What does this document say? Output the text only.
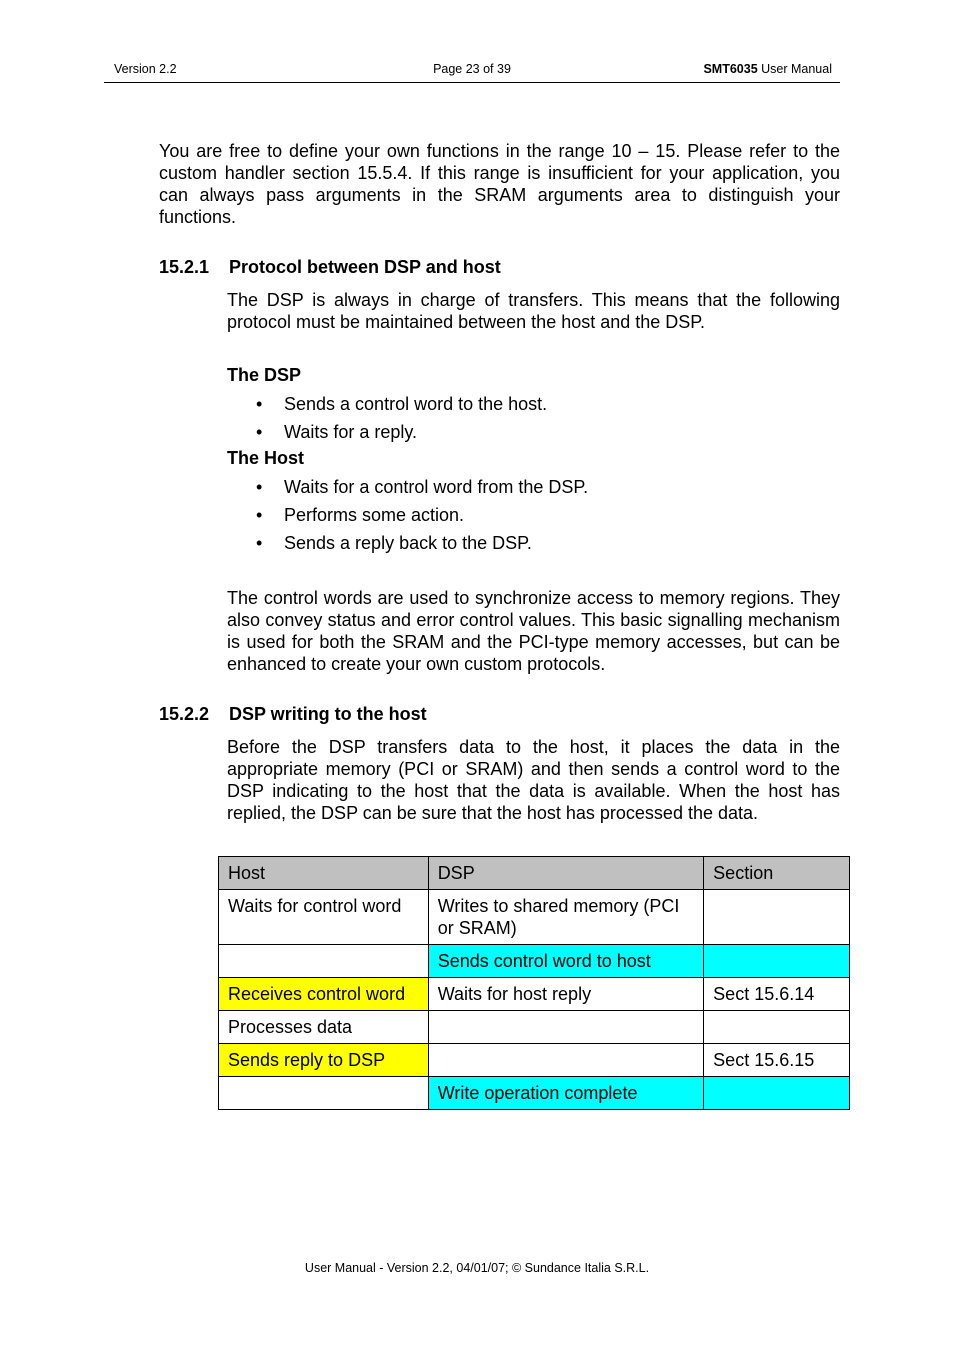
Version 2.2	Page 23 of 39	SMT6035 User Manual

You are free to define your own functions in the range 10 – 15. Please refer to the custom handler section 15.5.4. If this range is insufficient for your application, you can always pass arguments in the SRAM arguments area to distinguish your functions.

15.2.1 Protocol between DSP and host

The DSP is always in charge of transfers. This means that the following protocol must be maintained between the host and the DSP.

The DSP
• Sends a control word to the host.
• Waits for a reply.
The Host
• Waits for a control word from the DSP.
• Performs some action.
• Sends a reply back to the DSP.

The control words are used to synchronize access to memory regions. They also convey status and error control values. This basic signalling mechanism is used for both the SRAM and the PCI-type memory accesses, but can be enhanced to create your own custom protocols.

15.2.2 DSP writing to the host

Before the DSP transfers data to the host, it places the data in the appropriate memory (PCI or SRAM) and then sends a control word to the DSP indicating to the host that the data is available. When the host has replied, the DSP can be sure that the host has processed the data.

Host	DSP	Section
Waits for control word	Writes to shared memory (PCI or SRAM)	
	Sends control word to host	
Receives control word	Waits for host reply	Sect 15.6.14
Processes data		
Sends reply to DSP		Sect 15.6.15
	Write operation complete	
User Manual - Version 2.2, 04/01/07; © Sundance Italia S.R.L.
